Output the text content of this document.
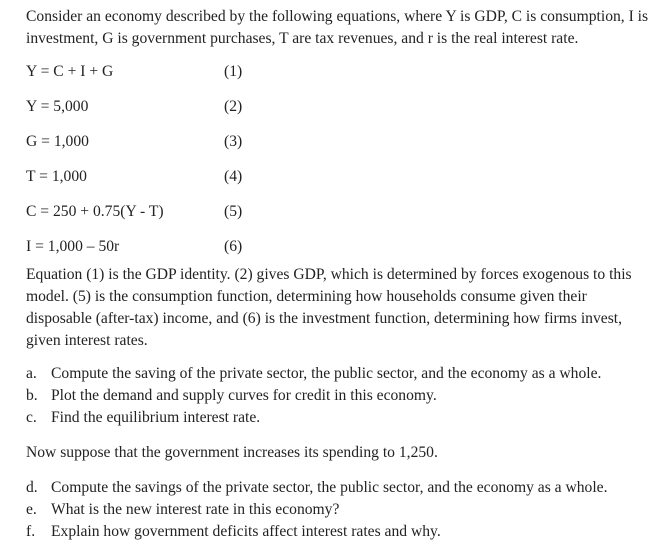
Consider an economy described by the following equations, where Y is GDP, C is consumption, I is investment, G is government purchases, T are tax revenues, and r is the real interest rate.

Y = C + I + G	(1)
Y = 5,000	(2)
G = 1,000	(3)
T = 1,000	(4)
C = 250 + 0.75(Y - T)	(5)
I = 1,000 – 50r	(6)

Equation (1) is the GDP identity. (2) gives GDP, which is determined by forces exogenous to this model. (5) is the consumption function, determining how households consume given their disposable (after-tax) income, and (6) is the investment function, determining how firms invest, given interest rates.

a. Compute the saving of the private sector, the public sector, and the economy as a whole.
b. Plot the demand and supply curves for credit in this economy.
c. Find the equilibrium interest rate.

Now suppose that the government increases its spending to 1,250.

d. Compute the savings of the private sector, the public sector, and the economy as a whole.
e. What is the new interest rate in this economy?
f.	Explain how government deficits affect interest rates and why.
